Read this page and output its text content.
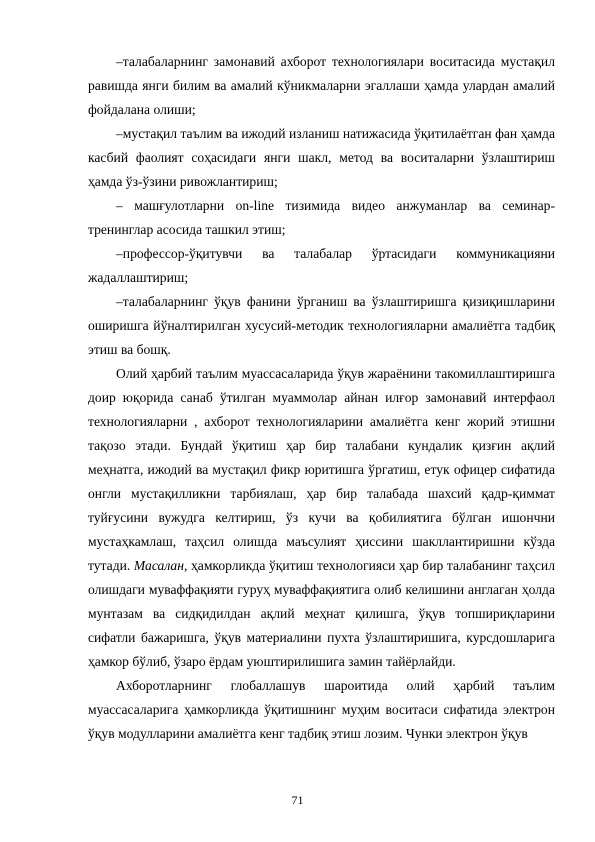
–талабаларнинг замонавий ахборот технологиялари воситасида мустақил равишда янги билим ва амалий кўникмаларни эгаллаши ҳамда улардан амалий фойдалана олиши;

–мустақил таълим ва ижодий изланиш натижасида ўқитилаётган фан ҳамда касбий фаолият соҳасидаги янги шакл, метод ва воситаларни ўзлаштириш ҳамда ўз-ўзини ривожлантириш;

– машғулотларни on-line тизимида видео анжуманлар ва семинар-тренинглар асосида ташкил этиш;

–профессор-ўқитувчи ва талабалар ўртасидаги коммуникацияни жадаллаштириш;

–талабаларнинг ўқув фанини ўрганиш ва ўзлаштиришга қизиқишларини оширишга йўналтирилган хусусий-методик технологияларни амалиётга тадбиқ этиш ва бошқ.

Олий ҳарбий таълим муассасаларида ўқув жараёнини такомиллаштиришга доир юқорида санаб ўтилган муаммолар айнан илғор замонавий интерфаол технологияларни , ахборот технологияларини амалиётга кенг жорий этишни тақозо этади. Бундай ўқитиш ҳар бир талабани кундалик қизғин ақлий меҳнатга, ижодий ва мустақил фикр юритишга ўргатиш, етук офицер сифатида онгли мустақилликни тарбиялаш, ҳар бир талабада шахсий қадр-қиммат туйғусини вужудга келтириш, ўз кучи ва қобилиятига бўлган ишончни мустаҳкамлаш, таҳсил олишда маъсулият ҳиссини шакллантиришни кўзда тутади. Масалан, ҳамкорликда ўқитиш технологияси ҳар бир талабанинг таҳсил олишдаги муваффақияти гуруҳ муваффақиятига олиб келишини англаган ҳолда мунтазам ва сидқидилдан ақлий меҳнат қилишга, ўқув топшириқларини сифатли бажаришга, ўқув материалини пухта ўзлаштиришига, курсдошларига ҳамкор бўлиб, ўзаро ёрдам уюштирилишига замин тайёрлайди.

Ахборотларнинг глобаллашув шароитида олий ҳарбий таълим муассасаларига ҳамкорликда ўқитишнинг муҳим воситаси сифатида электрон ўқув модулларини амалиётга кенг тадбиқ этиш лозим. Чунки электрон ўқув

71
